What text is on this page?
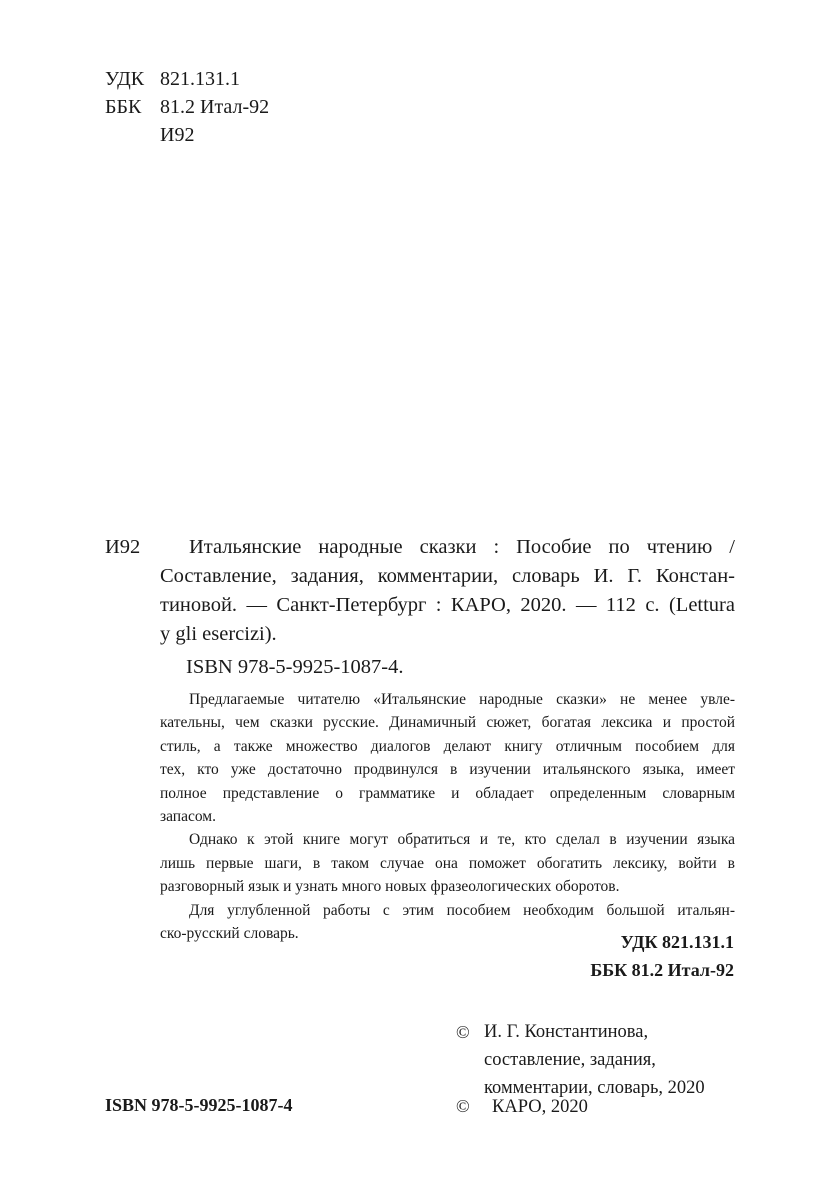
УДК 821.131.1
ББК 81.2 Итал-92
И92
И92	Итальянские народные сказки : Пособие по чтению /
Составление, задания, комментарии, словарь И. Г. Констан-
тиновой. — Санкт-Петербург : КАРО, 2020. — 112 с. (Lettura
y gli esercizi).
ISBN 978-5-9925-1087-4.
Предлагаемые читателю «Итальянские народные сказки» не менее увле-
кательны, чем сказки русские. Динамичный сюжет, богатая лексика и простой
стиль, а также множество диалогов делают книгу отличным пособием для
тех, кто уже достаточно продвинулся в изучении итальянского языка, имеет
полное представление о грамматике и обладает определенным словарным
запасом.
Однако к этой книге могут обратиться и те, кто сделал в изучении языка
лишь первые шаги, в таком случае она поможет обогатить лексику, войти в
разговорный язык и узнать много новых фразеологических оборотов.
Для углубленной работы с этим пособием необходим большой итальян-
ско-русский словарь.	УДК 821.131.1
ББК 81.2 Итал-92
© И. Г. Константинова,
составление, задания,
комментарии, словарь, 2020
© КАРО, 2020
ISBN 978-5-9925-1087-4
